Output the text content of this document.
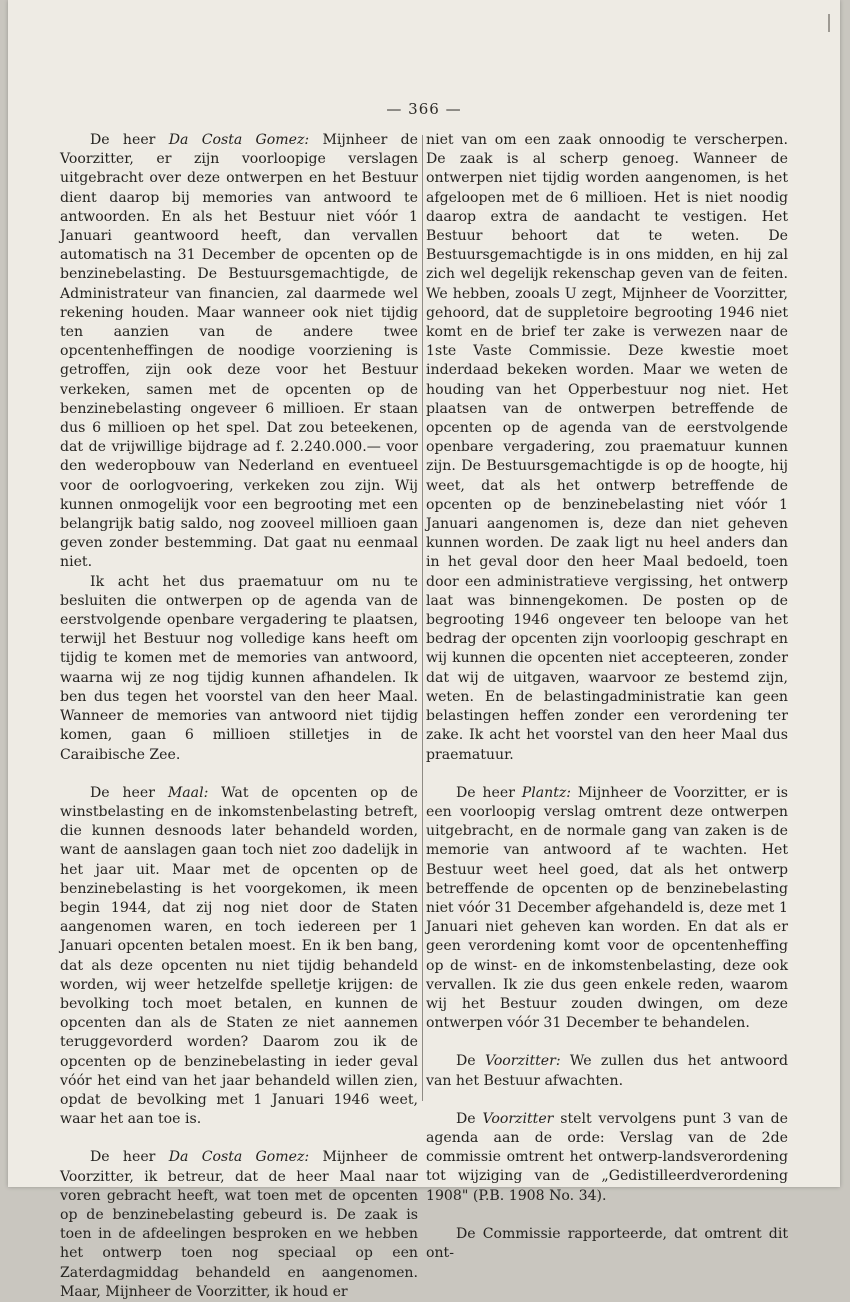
— 366 —

De heer Da Costa Gomez: Mijnheer de Voorzitter, er zijn voorloopige verslagen uitgebracht over deze ontwerpen en het Bestuur dient daarop bij memories van antwoord te antwoorden. En als het Bestuur niet vóór 1 Januari geantwoord heeft, dan vervallen automatisch na 31 December de opcenten op de benzinebelasting. De Bestuursgemachtigde, de Administrateur van financien, zal daarmede wel rekening houden. Maar wanneer ook niet tijdig ten aanzien van de andere twee opcentenheffingen de noodige voorziening is getroffen, zijn ook deze voor het Bestuur verkeken, samen met de opcenten op de benzinebelasting ongeveer 6 millioen. Er staan dus 6 millioen op het spel. Dat zou beteekenen, dat de vrijwillige bijdrage ad f. 2.240.000.— voor den wederopbouw van Nederland en eventueel voor de oorlogvoering, verkeken zou zijn. Wij kunnen onmogelijk voor een begrooting met een belangrijk batig saldo, nog zooveel millioen gaan geven zonder bestemming. Dat gaat nu eenmaal niet.

Ik acht het dus praematuur om nu te besluiten die ontwerpen op de agenda van de eerstvolgende openbare vergadering te plaatsen, terwijl het Bestuur nog volledige kans heeft om tijdig te komen met de memories van antwoord, waarna wij ze nog tijdig kunnen afhandelen. Ik ben dus tegen het voorstel van den heer Maal. Wanneer de memories van antwoord niet tijdig komen, gaan 6 millioen stilletjes in de Caraibische Zee.

De heer Maal: Wat de opcenten op de winstbelasting en de inkomstenbelasting betreft, die kunnen desnoods later behandeld worden, want de aanslagen gaan toch niet zoo dadelijk in het jaar uit. Maar met de opcenten op de benzinebelasting is het voorgekomen, ik meen begin 1944, dat zij nog niet door de Staten aangenomen waren, en toch iedereen per 1 Januari opcenten betalen moest. En ik ben bang, dat als deze opcenten nu niet tijdig behandeld worden, wij weer hetzelfde spelletje krijgen: de bevolking toch moet betalen, en kunnen de opcenten dan als de Staten ze niet aannemen teruggevorderd worden? Daarom zou ik de opcenten op de benzinebelasting in ieder geval vóór het eind van het jaar behandeld willen zien, opdat de bevolking met 1 Januari 1946 weet, waar het aan toe is.

De heer Da Costa Gomez: Mijnheer de Voorzitter, ik betreur, dat de heer Maal naar voren gebracht heeft, wat toen met de opcenten op de benzinebelasting gebeurd is. De zaak is toen in de afdeelingen besproken en we hebben het ontwerp toen nog speciaal op een Zaterdagmiddag behandeld en aangenomen. Maar, Mijnheer de Voorzitter, ik houd er

niet van om een zaak onnoodig te verscherpen. De zaak is al scherp genoeg. Wanneer de ontwerpen niet tijdig worden aangenomen, is het afgeloopen met de 6 millioen. Het is niet noodig daarop extra de aandacht te vestigen. Het Bestuur behoort dat te weten. De Bestuursgemachtigde is in ons midden, en hij zal zich wel degelijk rekenschap geven van de feiten. We hebben, zooals U zegt, Mijnheer de Voorzitter, gehoord, dat de suppletoire begrooting 1946 niet komt en de brief ter zake is verwezen naar de 1ste Vaste Commissie. Deze kwestie moet inderdaad bekeken worden. Maar we weten de houding van het Opperbestuur nog niet. Het plaatsen van de ontwerpen betreffende de opcenten op de agenda van de eerstvolgende openbare vergadering, zou praematuur kunnen zijn. De Bestuursgemachtigde is op de hoogte, hij weet, dat als het ontwerp betreffende de opcenten op de benzinebelasting niet vóór 1 Januari aangenomen is, deze dan niet geheven kunnen worden. De zaak ligt nu heel anders dan in het geval door den heer Maal bedoeld, toen door een administratieve vergissing, het ontwerp laat was binnengekomen. De posten op de begrooting 1946 ongeveer ten beloope van het bedrag der opcenten zijn voorloopig geschrapt en wij kunnen die opcenten niet accepteeren, zonder dat wij de uitgaven, waarvoor ze bestemd zijn, weten. En de belastingadministratie kan geen belastingen heffen zonder een verordening ter zake. Ik acht het voorstel van den heer Maal dus praematuur.

De heer Plantz: Mijnheer de Voorzitter, er is een voorloopig verslag omtrent deze ontwerpen uitgebracht, en de normale gang van zaken is de memorie van antwoord af te wachten. Het Bestuur weet heel goed, dat als het ontwerp betreffende de opcenten op de benzinebelasting niet vóór 31 December afgehandeld is, deze met 1 Januari niet geheven kan worden. En dat als er geen verordening komt voor de opcentenheffing op de winst- en de inkomstenbelasting, deze ook vervallen. Ik zie dus geen enkele reden, waarom wij het Bestuur zouden dwingen, om deze ontwerpen vóór 31 December te behandelen.

De Voorzitter: We zullen dus het antwoord van het Bestuur afwachten.

De Voorzitter stelt vervolgens punt 3 van de agenda aan de orde: Verslag van de 2de commissie omtrent het ontwerp-landsverordening tot wijziging van de „Gedistilleerdverordening 1908" (P.B. 1908 No. 34).

De Commissie rapporteerde, dat omtrent dit ont-
